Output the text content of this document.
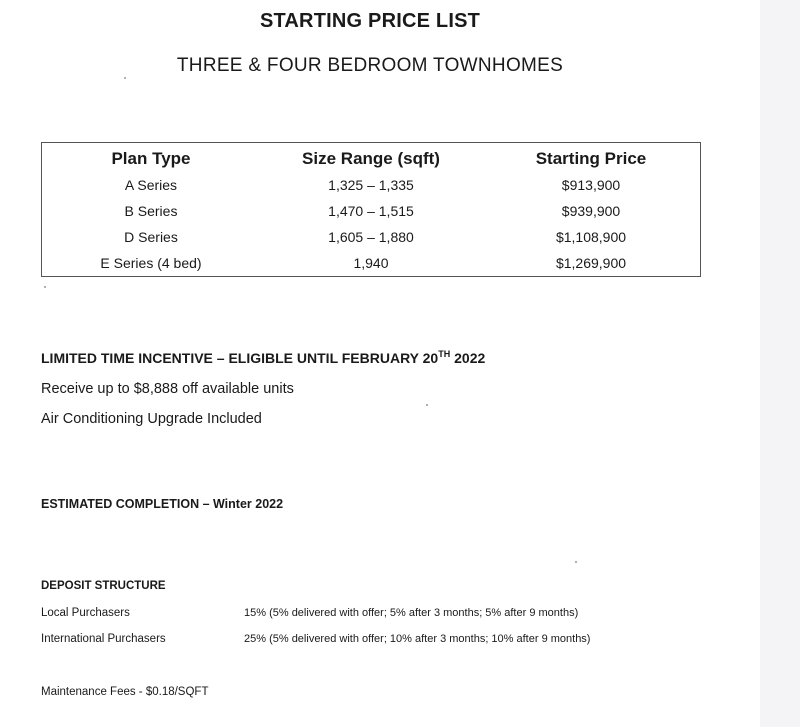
STARTING PRICE LIST
THREE & FOUR BEDROOM TOWNHOMES
Plan Type	Size Range (sqft)	Starting Price
A Series	1,325 – 1,335	$913,900
B Series	1,470 – 1,515	$939,900
D Series	1,605 – 1,880	$1,108,900
E Series (4 bed)	1,940	$1,269,900
LIMITED TIME INCENTIVE – ELIGIBLE UNTIL FEBRUARY 20TH 2022
Receive up to $8,888 off available units
Air Conditioning Upgrade Included
ESTIMATED COMPLETION – Winter 2022
DEPOSIT STRUCTURE
Local Purchasers	15% (5% delivered with offer; 5% after 3 months; 5% after 9 months)
International Purchasers	25% (5% delivered with offer; 10% after 3 months; 10% after 9 months)
Maintenance Fees - $0.18/SQFT
